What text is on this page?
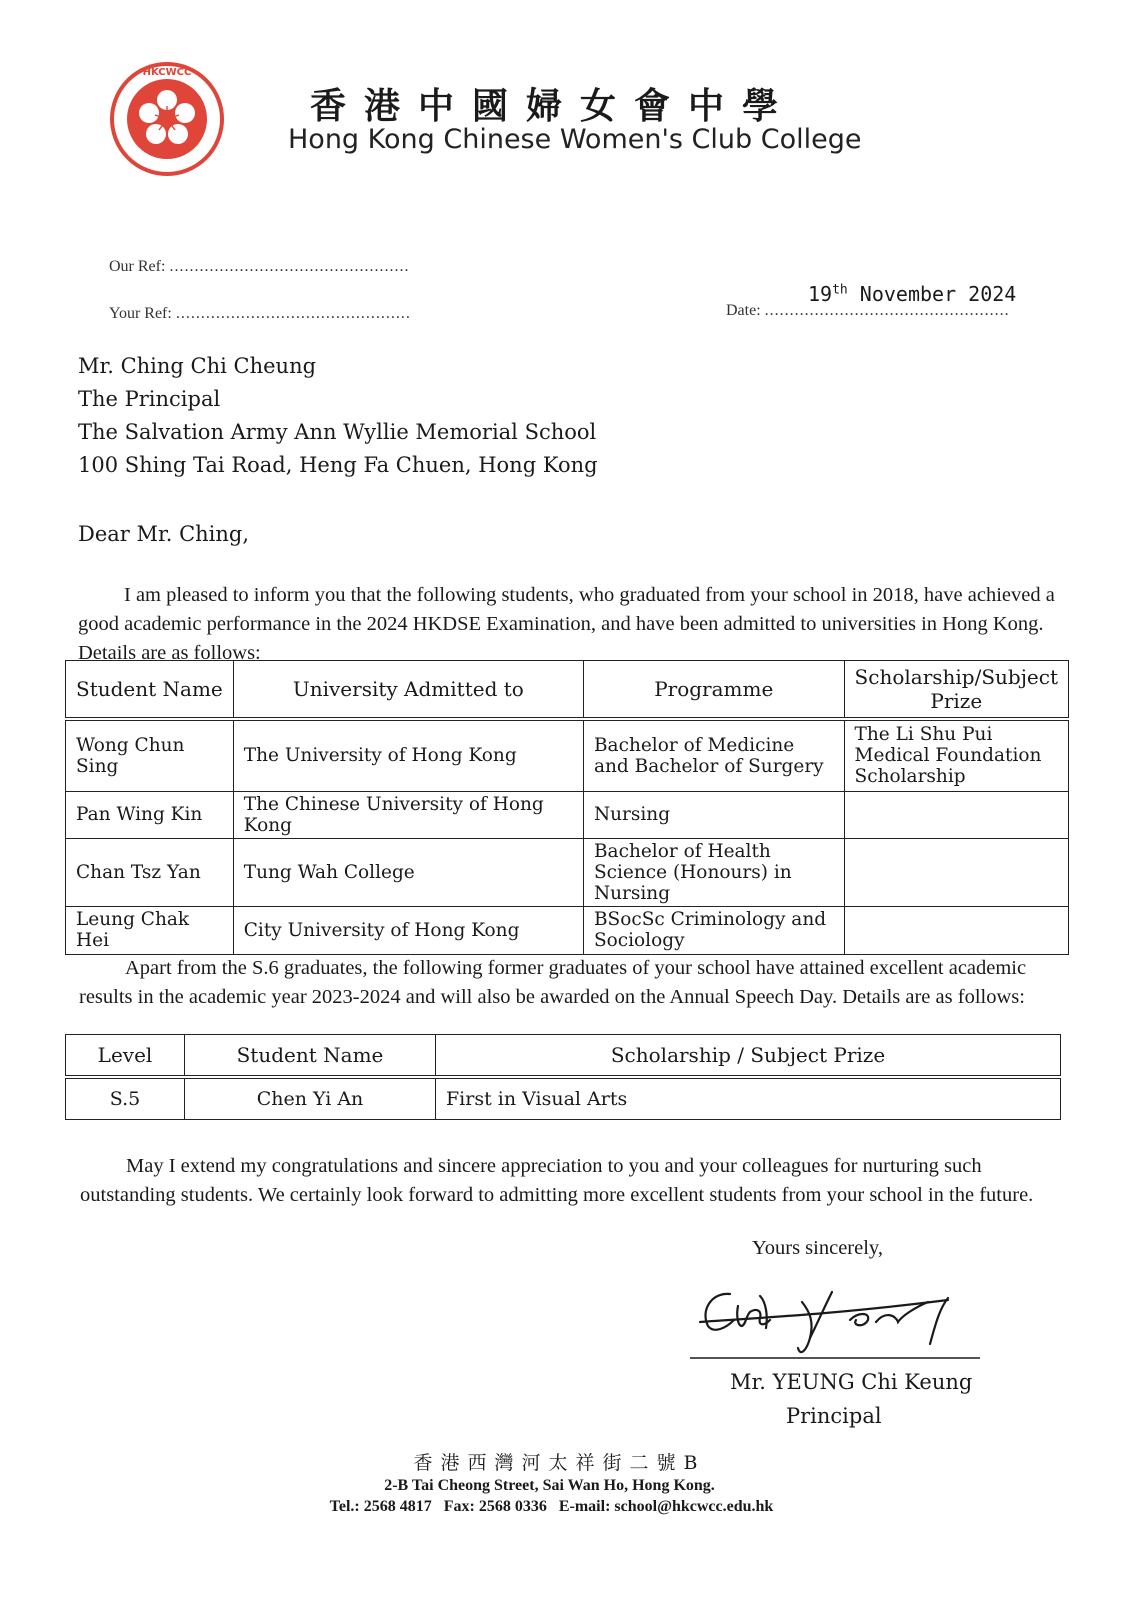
HKCWCC
香港中國婦女會中學
Hong Kong Chinese Women's Club College
Our Ref: ................................................
Your Ref: ...............................................	Date: .................................................
19th November 2024
Mr. Ching Chi Cheung
The Principal
The Salvation Army Ann Wyllie Memorial School
100 Shing Tai Road, Heng Fa Chuen, Hong Kong
Dear Mr. Ching,
I am pleased to inform you that the following students, who graduated from your school in 2018, have achieved a good academic performance in the 2024 HKDSE Examination, and have been admitted to universities in Hong Kong. Details are as follows:
Student Name	University Admitted to	Programme	Scholarship/Subject Prize
Wong Chun Sing	The University of Hong Kong	Bachelor of Medicine and Bachelor of Surgery	The Li Shu Pui Medical Foundation Scholarship
Pan Wing Kin	The Chinese University of Hong Kong	Nursing	
Chan Tsz Yan	Tung Wah College	Bachelor of Health Science (Honours) in Nursing	
Leung Chak Hei	City University of Hong Kong	BSocSc Criminology and Sociology	
Apart from the S.6 graduates, the following former graduates of your school have attained excellent academic results in the academic year 2023-2024 and will also be awarded on the Annual Speech Day. Details are as follows:
Level	Student Name	Scholarship / Subject Prize
S.5	Chen Yi An	First in Visual Arts
May I extend my congratulations and sincere appreciation to you and your colleagues for nurturing such outstanding students. We certainly look forward to admitting more excellent students from your school in the future.
Yours sincerely,
Mr. YEUNG Chi Keung
Principal
香港西灣河太祥街二號B
2-B Tai Cheong Street, Sai Wan Ho, Hong Kong.
Tel.: 2568 4817   Fax: 2568 0336   E-mail: school@hkcwcc.edu.hk
